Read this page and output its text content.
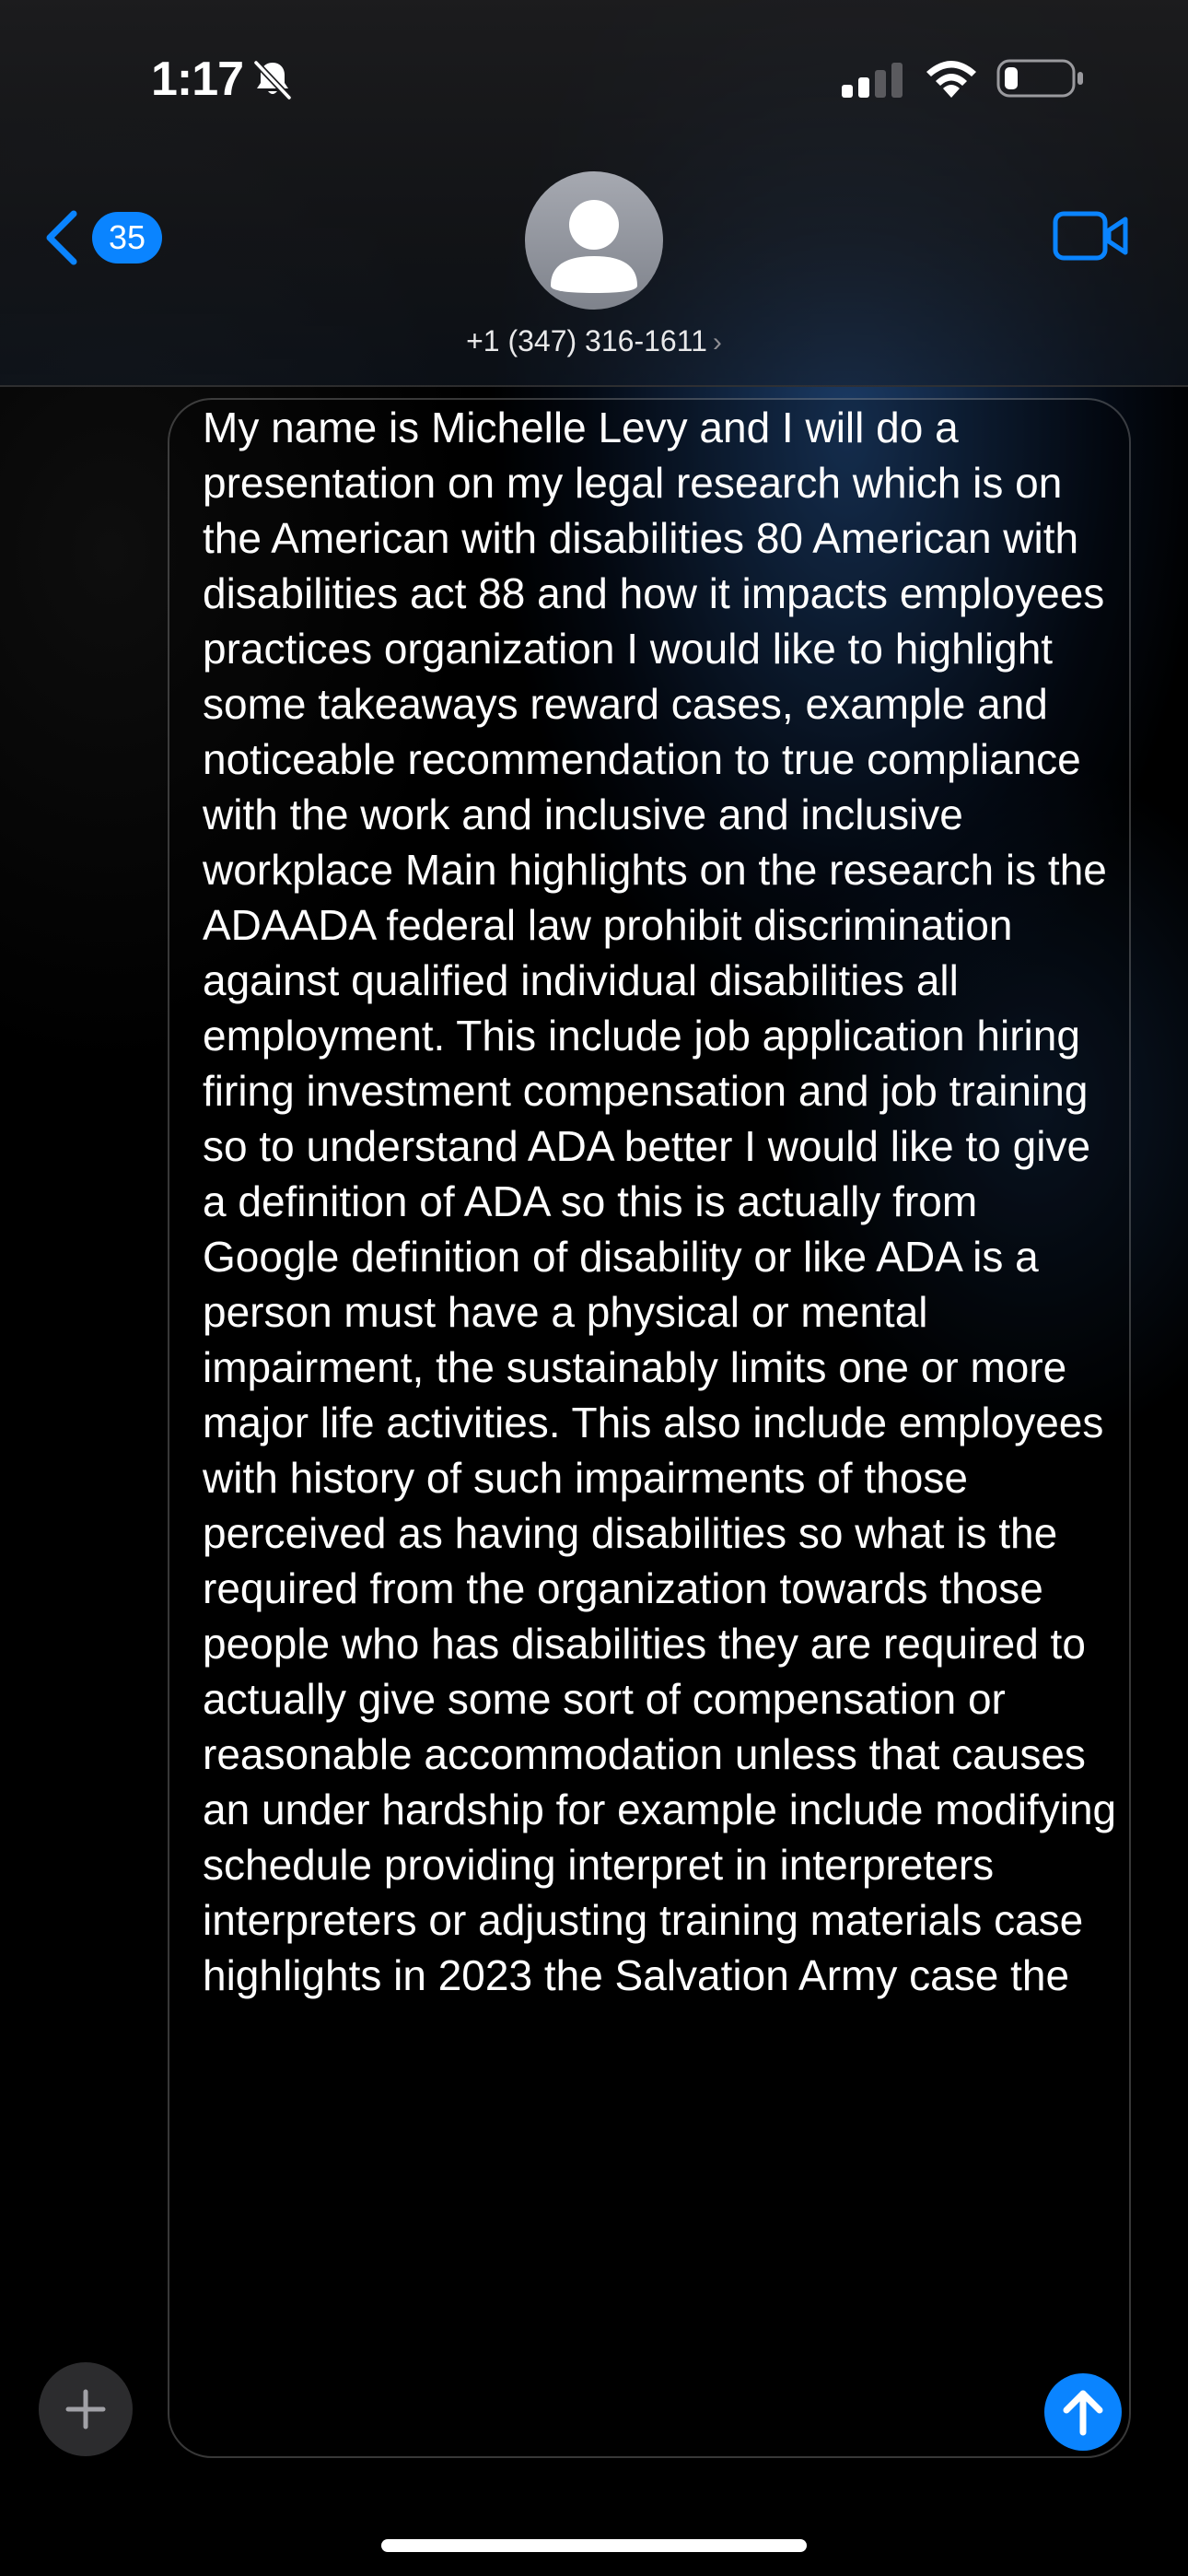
1:17
35
+1 (347) 316-1611 ›
My name is Michelle Levy and I will do a presentation on my legal research which is on the American with disabilities 80 American with disabilities act 88 and how it impacts employees practices organization I would like to highlight some takeaways reward cases, example and noticeable recommendation to true compliance with the work and inclusive and inclusive workplace Main highlights on the research is the ADAADA federal law prohibit discrimination against qualified individual disabilities all employment. This include job application hiring firing investment compensation and job training so to understand ADA better I would like to give a definition of ADA so this is actually from Google definition of disability or like ADA is a person must have a physical or mental impairment, the sustainably limits one or more major life activities. This also include employees with history of such impairments of those perceived as having disabilities so what is the required from the organization towards those people who has disabilities they are required to actually give some sort of compensation or reasonable accommodation unless that causes an under hardship for example include modifying schedule providing interpret in interpreters interpreters or adjusting training materials case highlights in 2023 the Salvation Army case the
